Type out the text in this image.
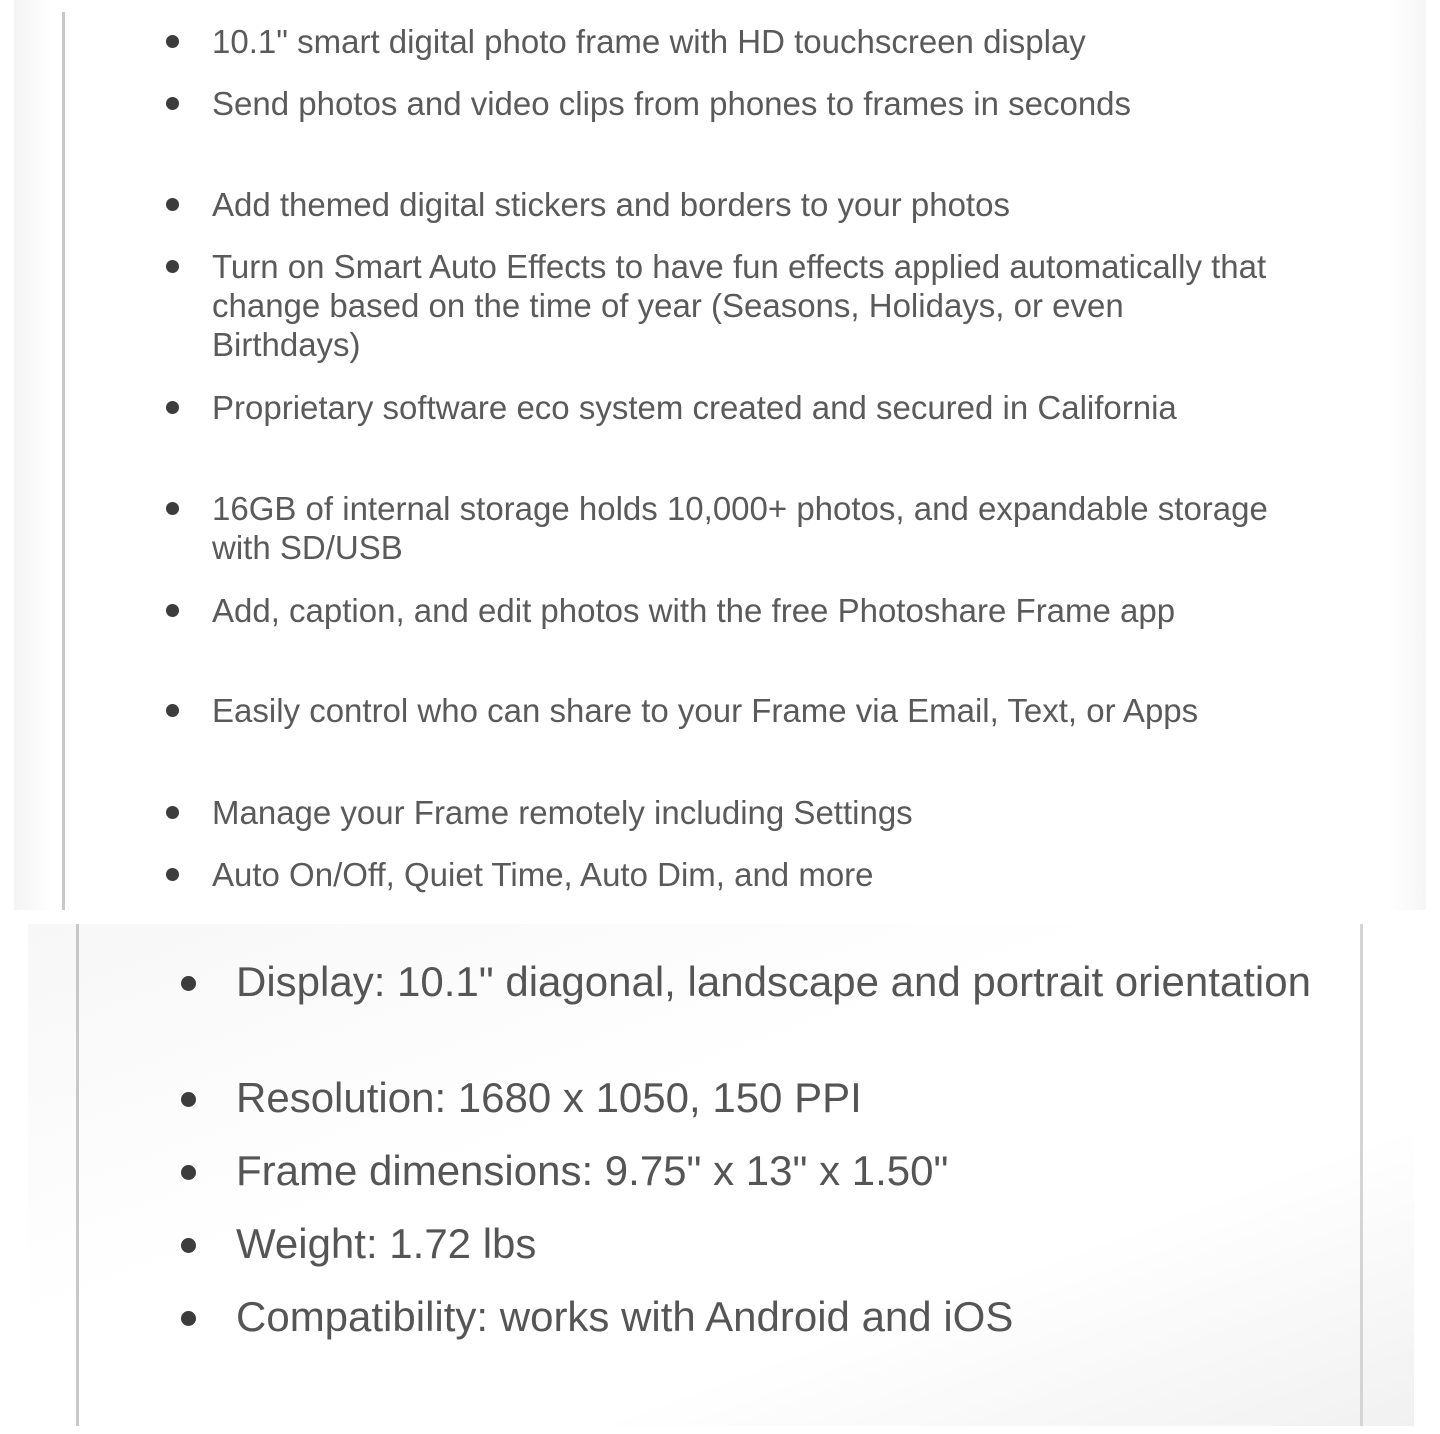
10.1" smart digital photo frame with HD touchscreen display
Send photos and video clips from phones to frames in seconds
Add themed digital stickers and borders to your photos
Turn on Smart Auto Effects to have fun effects applied automatically that change based on the time of year (Seasons, Holidays, or even Birthdays)
Proprietary software eco system created and secured in California
16GB of internal storage holds 10,000+ photos, and expandable storage with SD/USB
Add, caption, and edit photos with the free Photoshare Frame app
Easily control who can share to your Frame via Email, Text, or Apps
Manage your Frame remotely including Settings
Auto On/Off, Quiet Time, Auto Dim, and more
Display: 10.1" diagonal, landscape and portrait orientation
Resolution: 1680 x 1050, 150 PPI
Frame dimensions: 9.75" x 13" x 1.50"
Weight: 1.72 lbs
Compatibility: works with Android and iOS
